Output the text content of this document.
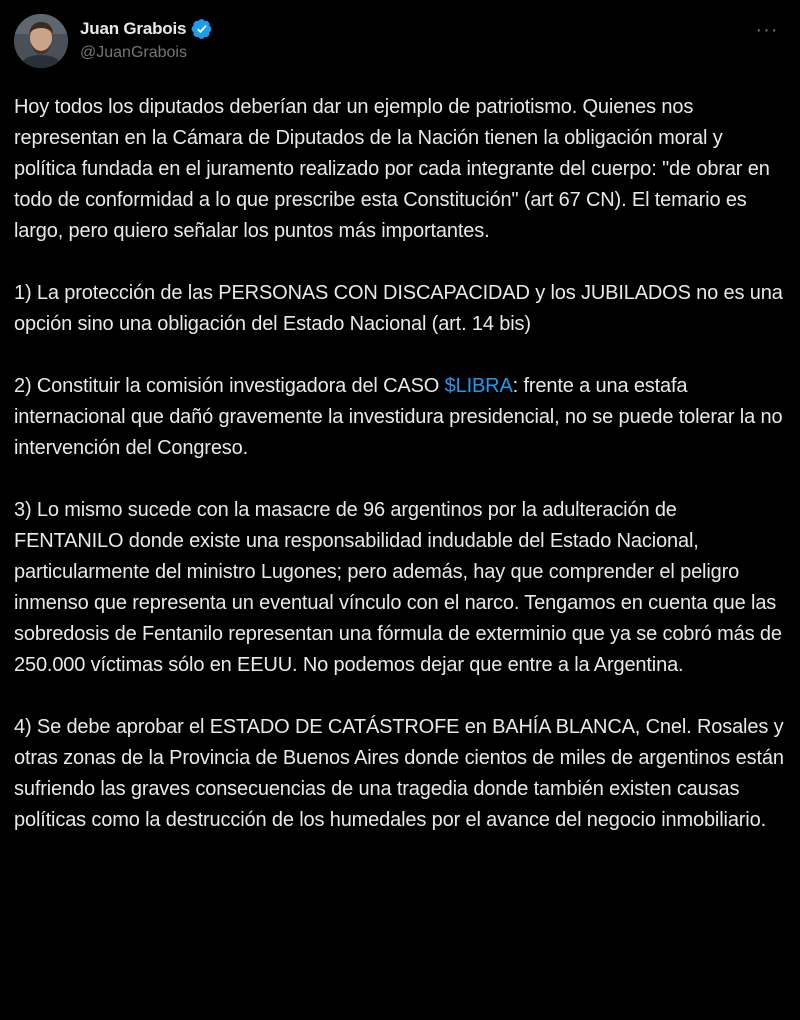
Juan Grabois
@JuanGrabois
···

Hoy todos los diputados deberían dar un ejemplo de patriotismo. Quienes nos representan en la Cámara de Diputados de la Nación tienen la obligación moral y política fundada en el juramento realizado por cada integrante del cuerpo: "de obrar en todo de conformidad a lo que prescribe esta Constitución" (art 67 CN). El temario es largo, pero quiero señalar los puntos más importantes.

1) La protección de las PERSONAS CON DISCAPACIDAD y los JUBILADOS no es una opción sino una obligación del Estado Nacional (art. 14 bis)

2) Constituir la comisión investigadora del CASO $LIBRA: frente a una estafa internacional que dañó gravemente la investidura presidencial, no se puede tolerar la no intervención del Congreso.

3) Lo mismo sucede con la masacre de 96 argentinos por la adulteración de FENTANILO donde existe una responsabilidad indudable del Estado Nacional, particularmente del ministro Lugones; pero además, hay que comprender el peligro inmenso que representa un eventual vínculo con el narco. Tengamos en cuenta que las sobredosis de Fentanilo representan una fórmula de exterminio que ya se cobró más de 250.000 víctimas sólo en EEUU. No podemos dejar que entre a la Argentina.

4) Se debe aprobar el ESTADO DE CATÁSTROFE en BAHÍA BLANCA, Cnel. Rosales y otras zonas de la Provincia de Buenos Aires donde cientos de miles de argentinos están sufriendo las graves consecuencias de una tragedia donde también existen causas políticas como la destrucción de los humedales por el avance del negocio inmobiliario.
